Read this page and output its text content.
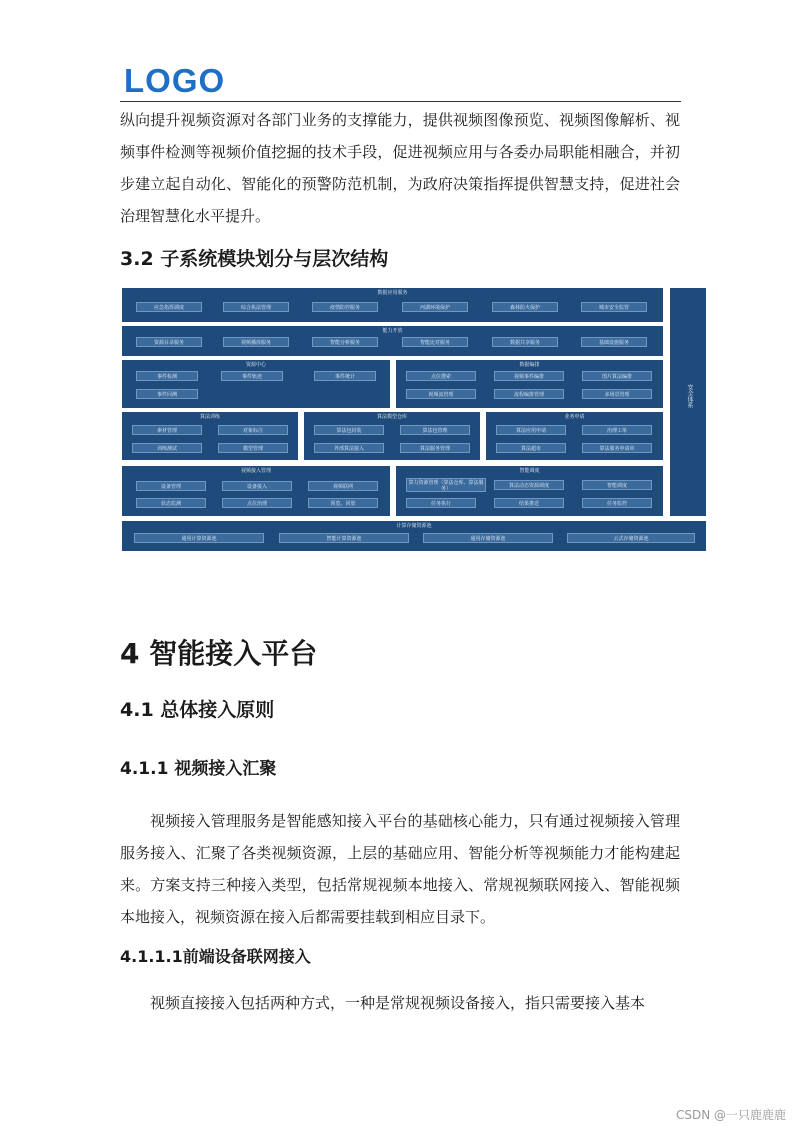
LOGO
纵向提升视频资源对各部门业务的支撑能力，提供视频图像预览、视频图像解析、视频事件检测等视频价值挖掘的技术手段，促进视频应用与各委办局职能相融合，并初步建立起自动化、智能化的预警防范机制，为政府决策指挥提供智慧支持，促进社会治理智慧化水平提升。
3.2 子系统模块划分与层次结构
数据应用服务
应急指挥调度	综合执法管理	疫情防控服务	河湖环境保护	森林防火保护	城市安全监管
能力开放
资源目录服务	视频播放服务	智能分析服务	智能比对服务	数据共享服务	基础设施服务
资源中心
事件检测	事件轨迹	事件统计
事件回溯
数据编排
点位搜索	视频事件编排	图片算法编排
视频流管理	流程编排管理	多场景管理
算法训练
素材管理	对象标注
训练测试	模型管理
算法模型仓库
算法包封装	算法包管理
外部算法接入	算法服务管理
业务申请
算法应用申请	治理工单
算法超市	算法服务申请单
视频接入管理
设备管理	设备接入	视频联网
状态监测	点位治理	预览、回放
智能调度
算力资源管理（算法仓库、算法服务）	算法动态资源调度	智能调度
任务执行	结果推送	任务监控
计算存储资源池
通用计算资源池	智能计算资源池	通用存储资源池	云式存储资源池
安全体系
4 智能接入平台
4.1 总体接入原则
4.1.1 视频接入汇聚
视频接入管理服务是智能感知接入平台的基础核心能力，只有通过视频接入管理服务接入、汇聚了各类视频资源，上层的基础应用、智能分析等视频能力才能构建起来。方案支持三种接入类型，包括常规视频本地接入、常规视频联网接入、智能视频本地接入，视频资源在接入后都需要挂载到相应目录下。
4.1.1.1前端设备联网接入
视频直接接入包括两种方式，一种是常规视频设备接入，指只需要接入基本
CSDN @一只鹿鹿鹿
